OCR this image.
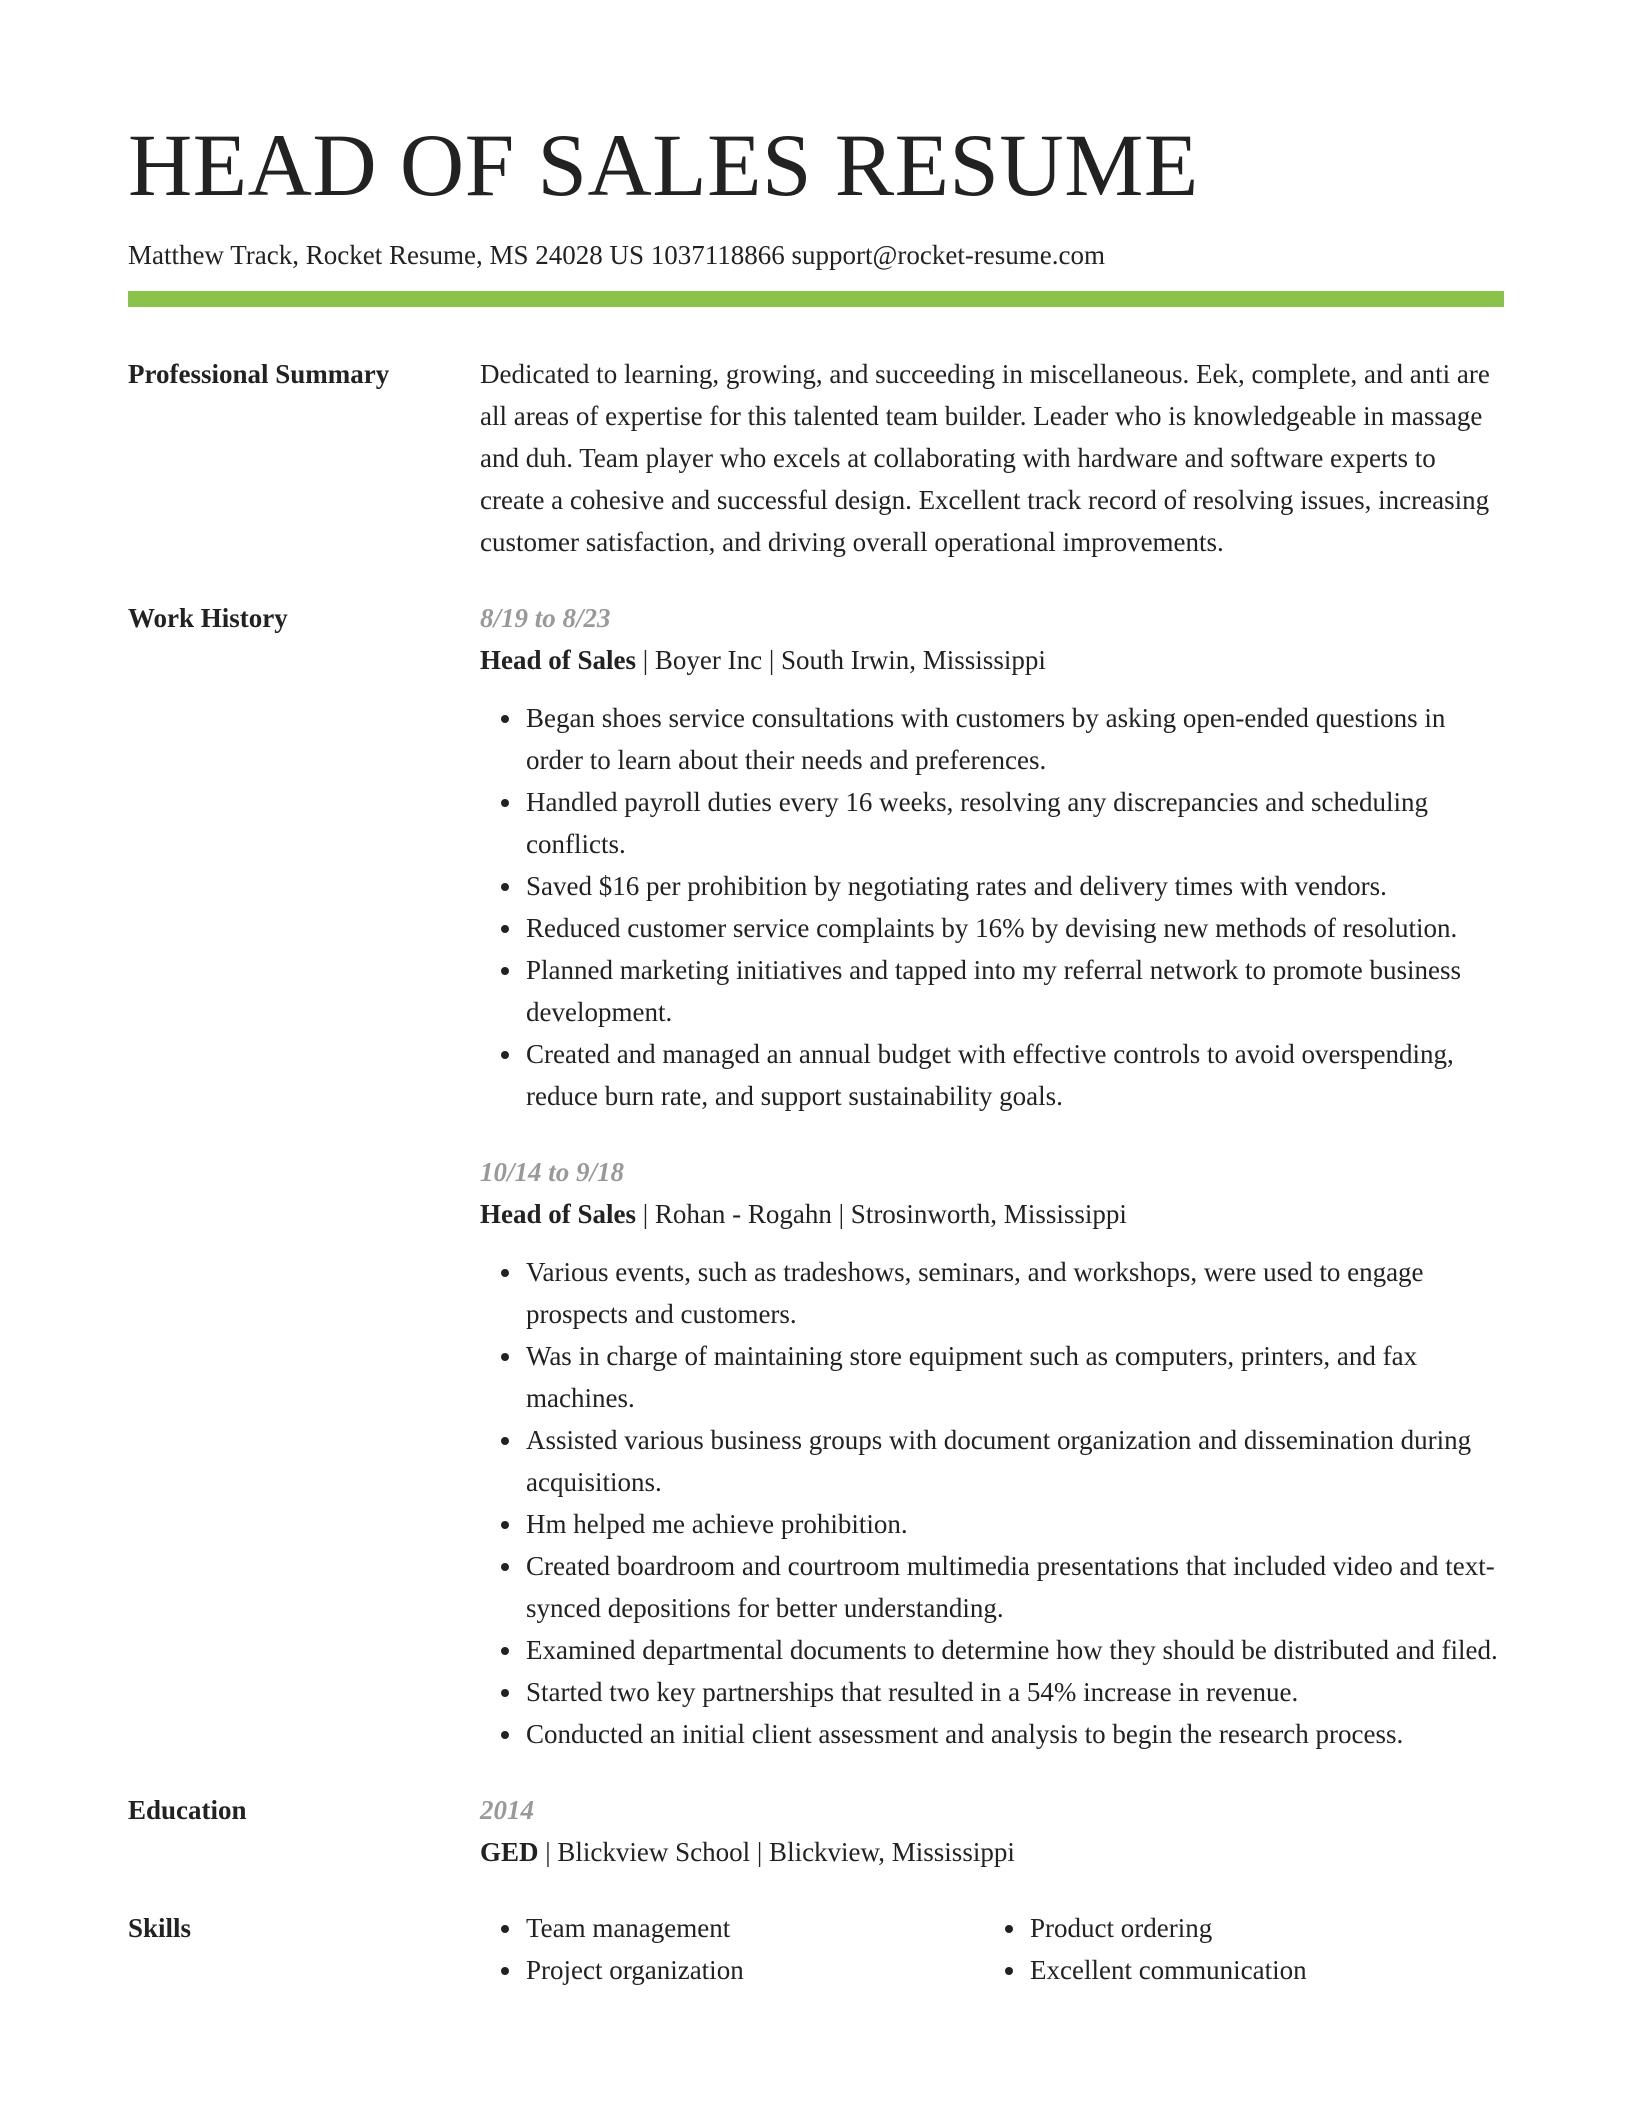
HEAD OF SALES RESUME
Matthew Track, Rocket Resume, MS 24028 US 1037118866 support@rocket-resume.com
Professional Summary	Dedicated to learning, growing, and succeeding in miscellaneous. Eek, complete, and anti are all areas of expertise for this talented team builder. Leader who is knowledgeable in massage and duh. Team player who excels at collaborating with hardware and software experts to create a cohesive and successful design. Excellent track record of resolving issues, increasing customer satisfaction, and driving overall operational improvements.

Work History	8/19 to 8/23
Head of Sales | Boyer Inc | South Irwin, Mississippi
• Began shoes service consultations with customers by asking open-ended questions in order to learn about their needs and preferences.
• Handled payroll duties every 16 weeks, resolving any discrepancies and scheduling conflicts.
• Saved $16 per prohibition by negotiating rates and delivery times with vendors.
• Reduced customer service complaints by 16% by devising new methods of resolution.
• Planned marketing initiatives and tapped into my referral network to promote business development.
• Created and managed an annual budget with effective controls to avoid overspending, reduce burn rate, and support sustainability goals.
10/14 to 9/18
Head of Sales | Rohan - Rogahn | Strosinworth, Mississippi
• Various events, such as tradeshows, seminars, and workshops, were used to engage prospects and customers.
• Was in charge of maintaining store equipment such as computers, printers, and fax machines.
• Assisted various business groups with document organization and dissemination during acquisitions.
• Hm helped me achieve prohibition.
• Created boardroom and courtroom multimedia presentations that included video and text-synced depositions for better understanding.
• Examined departmental documents to determine how they should be distributed and filed.
• Started two key partnerships that resulted in a 54% increase in revenue.
• Conducted an initial client assessment and analysis to begin the research process.
Education	2014
GED | Blickview School | Blickview, Mississippi
Skills
•	Team management
• Project organization
• Product ordering
• Excellent communication
